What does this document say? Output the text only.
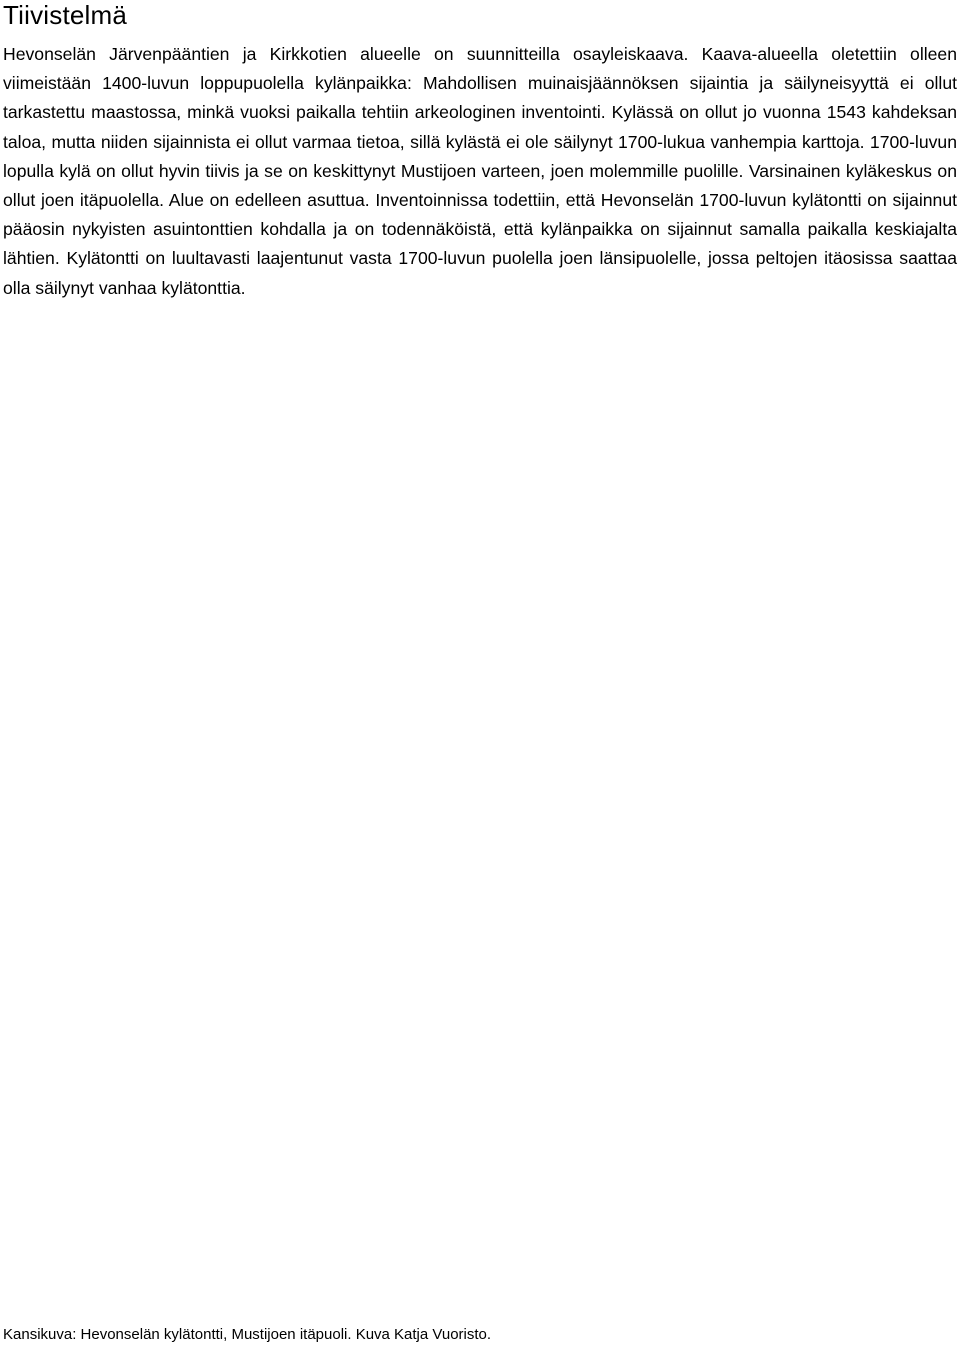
Tiivistelmä

Hevonselän Järvenpääntien ja Kirkkotien alueelle on suunnitteilla osayleiskaava. Kaava-alueella oletettiin olleen viimeistään 1400-luvun loppupuolella kylänpaikka: Mahdollisen muinaisjäännöksen sijaintia ja säilyneisyyttä ei ollut tarkastettu maastossa, minkä vuoksi paikalla tehtiin arkeologinen inventointi. Kylässä on ollut jo vuonna 1543 kahdeksan taloa, mutta niiden sijainnista ei ollut varmaa tietoa, sillä kylästä ei ole säilynyt 1700-lukua vanhempia karttoja. 1700-luvun lopulla kylä on ollut hyvin tiivis ja se on keskittynyt Mustijoen varteen, joen molemmille puolille. Varsinainen kyläkeskus on ollut joen itäpuolella. Alue on edelleen asuttua. Inventoinnissa todettiin, että Hevonselän 1700-luvun kylätontti on sijainnut pääosin nykyisten asuintonttien kohdalla ja on todennäköistä, että kylänpaikka on sijainnut samalla paikalla keskiajalta lähtien. Kylätontti on luultavasti laajentunut vasta 1700-luvun puolella joen länsipuolelle, jossa peltojen itäosissa saattaa olla säilynyt vanhaa kylätonttia.

Kansikuva: Hevonselän kylätontti, Mustijoen itäpuoli. Kuva Katja Vuoristo.
